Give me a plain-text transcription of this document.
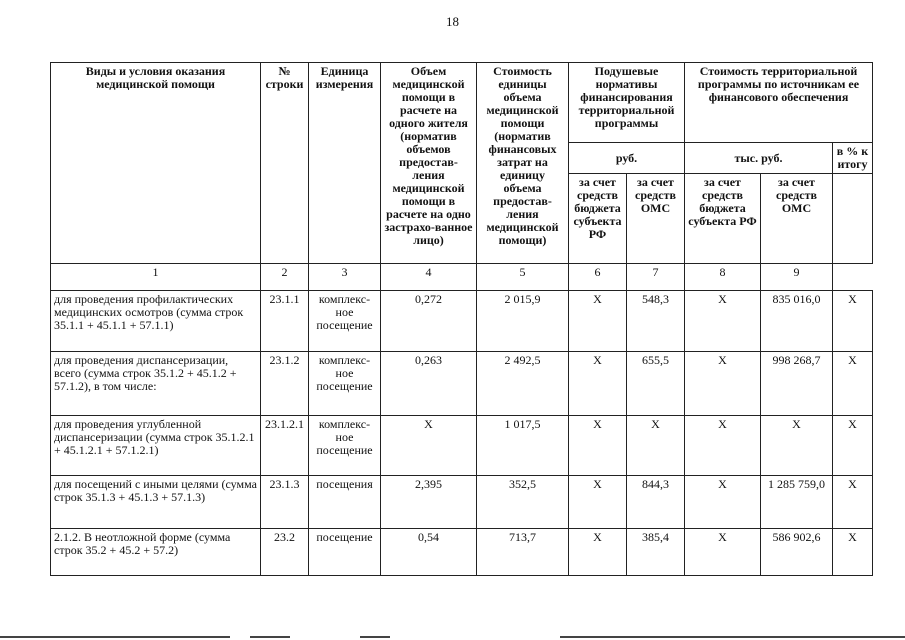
18
Виды и условия оказания медицинской помощи	№ строки	Единица измерения	Объем медицинской помощи в расчете на одного жителя (норматив объемов предостав-ления медицинской помощи в расчете на одно застрахо-ванное лицо)	Стоимость единицы объема медицинской помощи (норматив финансовых затрат на единицу объема предостав-ления медицинской помощи)	Подушевые нормативы финансирования территориальной программы		Стоимость территориальной программы по источникам ее финансового обеспечения		
					руб.		тыс. руб.		в % к итогу
					за счет средств бюджета субъекта РФ	за счет средств ОМС	за счет средств бюджета субъекта РФ	за счет средств ОМС	
1	2	3	4	5	6	7	8	9	
для проведения профилактических медицинских осмотров (сумма строк 35.1.1 + 45.1.1 + 57.1.1)	23.1.1	комплекс-ное посещение	0,272	2 015,9	X	548,3	X	835 016,0	X
для проведения диспансеризации, всего (сумма строк 35.1.2 + 45.1.2 + 57.1.2), в том числе:	23.1.2	комплекс-ное посещение	0,263	2 492,5	X	655,5	X	998 268,7	X
для проведения углубленной диспансеризации (сумма строк 35.1.2.1 + 45.1.2.1 + 57.1.2.1)	23.1.2.1	комплекс-ное посещение	X	1 017,5	X	X	X	X	X
для посещений с иными целями (сумма строк 35.1.3 + 45.1.3 + 57.1.3)	23.1.3	посещения	2,395	352,5	X	844,3	X	1 285 759,0	X
2.1.2. В неотложной форме (сумма строк 35.2 + 45.2 + 57.2)	23.2	посещение	0,54	713,7	X	385,4	X	586 902,6	X
